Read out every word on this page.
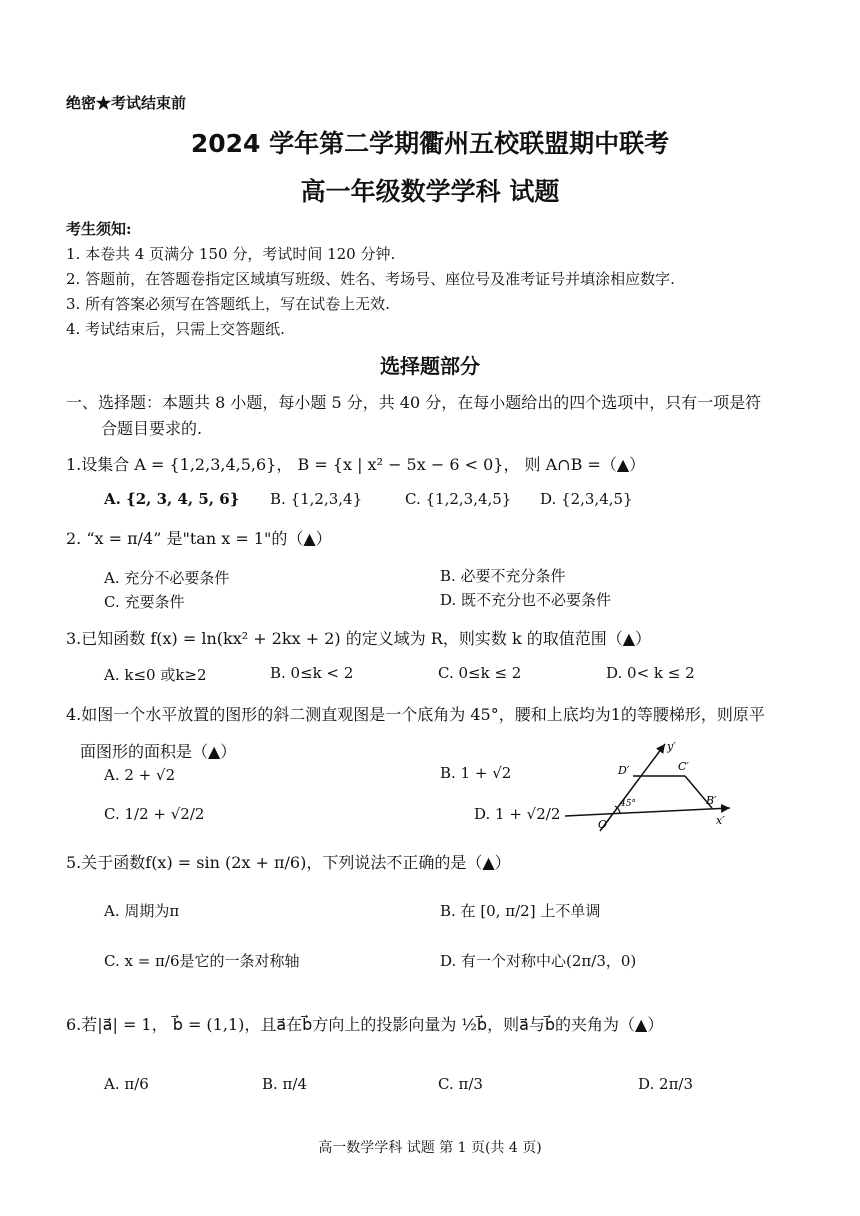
绝密★考试结束前
2024 学年第二学期衢州五校联盟期中联考
高一年级数学学科 试题
考生须知:
1. 本卷共 4 页满分 150 分，考试时间 120 分钟.
2. 答题前，在答题卷指定区域填写班级、姓名、考场号、座位号及准考证号并填涂相应数字.
3. 所有答案必须写在答题纸上，写在试卷上无效.
4. 考试结束后，只需上交答题纸.
选择题部分
一、选择题：本题共 8 小题，每小题 5 分，共 40 分，在每小题给出的四个选项中，只有一项是符
合题目要求的.
1.设集合 A = {1,2,3,4,5,6}， B = {x | x² − 5x − 6 < 0}， 则 A∩B =（▲）
A. {2, 3, 4, 5, 6} B. {1,2,3,4}	C. {1,2,3,4,5} D. {2,3,4,5}
2. “x = π/4” 是"tan x = 1"的（▲）
A. 充分不必要条件	B. 必要不充分条件
C. 充要条件	D. 既不充分也不必要条件
3.已知函数 f(x) = ln(kx² + 2kx + 2) 的定义域为 R，则实数 k 的取值范围（▲）
A. k≤0 或k≥2	B. 0≤k < 2	C. 0≤k ≤ 2	D. 0< k ≤ 2
4.如图一个水平放置的图形的斜二测直观图是一个底角为 45°，腰和上底均为1的等腰梯形，则原平
面图形的面积是（▲）
A. 2 + √2	B. 1 + √2
C. 1/2 + √2/2	D. 1 + √2/2
y′
D′	C′
45°	B′
O′	x′
5.关于函数f(x) = sin (2x + π/6)，下列说法不正确的是（▲）
A. 周期为π	B. 在 [0, π/2] 上不单调
C. x = π/6是它的一条对称轴	D. 有一个对称中心(2π/3，0)
6.若|a⃗| = 1， b⃗ = (1,1)，且a⃗在b⃗方向上的投影向量为 ½b⃗，则a⃗与b⃗的夹角为（▲）
A. π/6	B. π/4	C. π/3	D. 2π/3
高一数学学科 试题 第 1 页(共 4 页)
